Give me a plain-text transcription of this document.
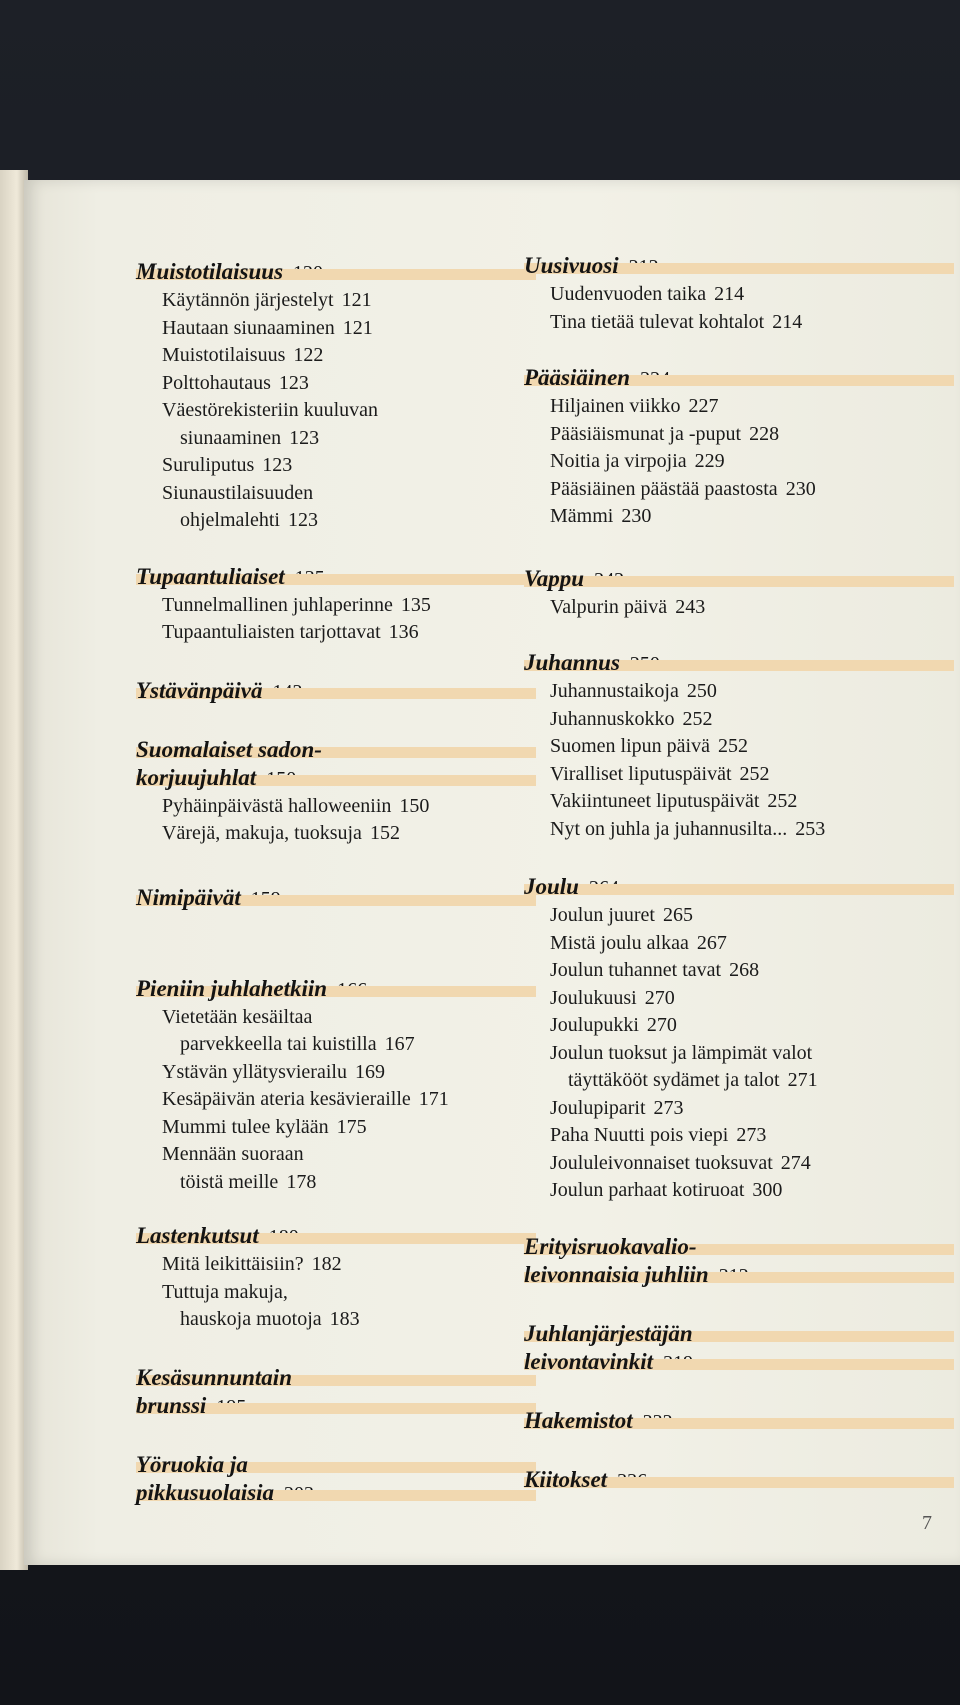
Muistotilaisuus
Käytännön järjestelyt 121
Hautaan siunaaminen 121
Muistotilaisuus 122
Polttohautaus 123
Väestörekisteriin kuuluvan
siunaaminen 123
Suruliputus 123
Siunaustilaisuuden
ohjelmalehti 123
Tupaantuliaiset
Tunnelmallinen juhlaperinne 135
Tupaantuliaisten tarjottavat 136
Ystävänpäivä
Suomalaiset sadon-
korjuujuhlat
Pyhäinpäivästä halloweeniin 150
Värejä, makuja, tuoksuja 152
Nimipäivät
Pieniin juhlahetkiin
Vietetään kesäiltaa
parvekkeella tai kuistilla 167
Ystävän yllätysvierailu 169
Kesäpäivän ateria kesävieraille 171
Mummi tulee kylään 175
Mennään suoraan
töistä meille 178
Lastenkutsut
Mitä leikittäisiin? 182
Tuttuja makuja,
hauskoja muotoja 183
Kesäsunnuntain
brunssi
Yöruokia ja
pikkusuolaisia
Uusivuosi
Uudenvuoden taika 214
Tina tietää tulevat kohtalot 214
Pääsiäinen
Hiljainen viikko 227
Pääsiäismunat ja -puput 228
Noitia ja virpojia 229
Pääsiäinen päästää paastosta 230
Mämmi 230
Vappu
Valpurin päivä 243
Juhannus
Juhannustaikoja 250
Juhannuskokko 252
Suomen lipun päivä 252
Viralliset liputuspäivät 252
Vakiintuneet liputuspäivät 252
Nyt on juhla ja juhannusilta... 253
Joulu
Joulun juuret 265
Mistä joulu alkaa 267
Joulun tuhannet tavat 268
Joulukuusi 270
Joulupukki 270
Joulun tuoksut ja lämpimät valot
täyttäkööt sydämet ja talot 271
Joulupiparit 273
Paha Nuutti pois viepi 273
Joululeivonnaiset tuoksuvat 274
Joulun parhaat kotiruoat 300
Erityisruokavalio-
leivonnaisia juhliin
Juhlanjärjestäjän
leivontavinkit
Hakemistot
Kiitokset
7
